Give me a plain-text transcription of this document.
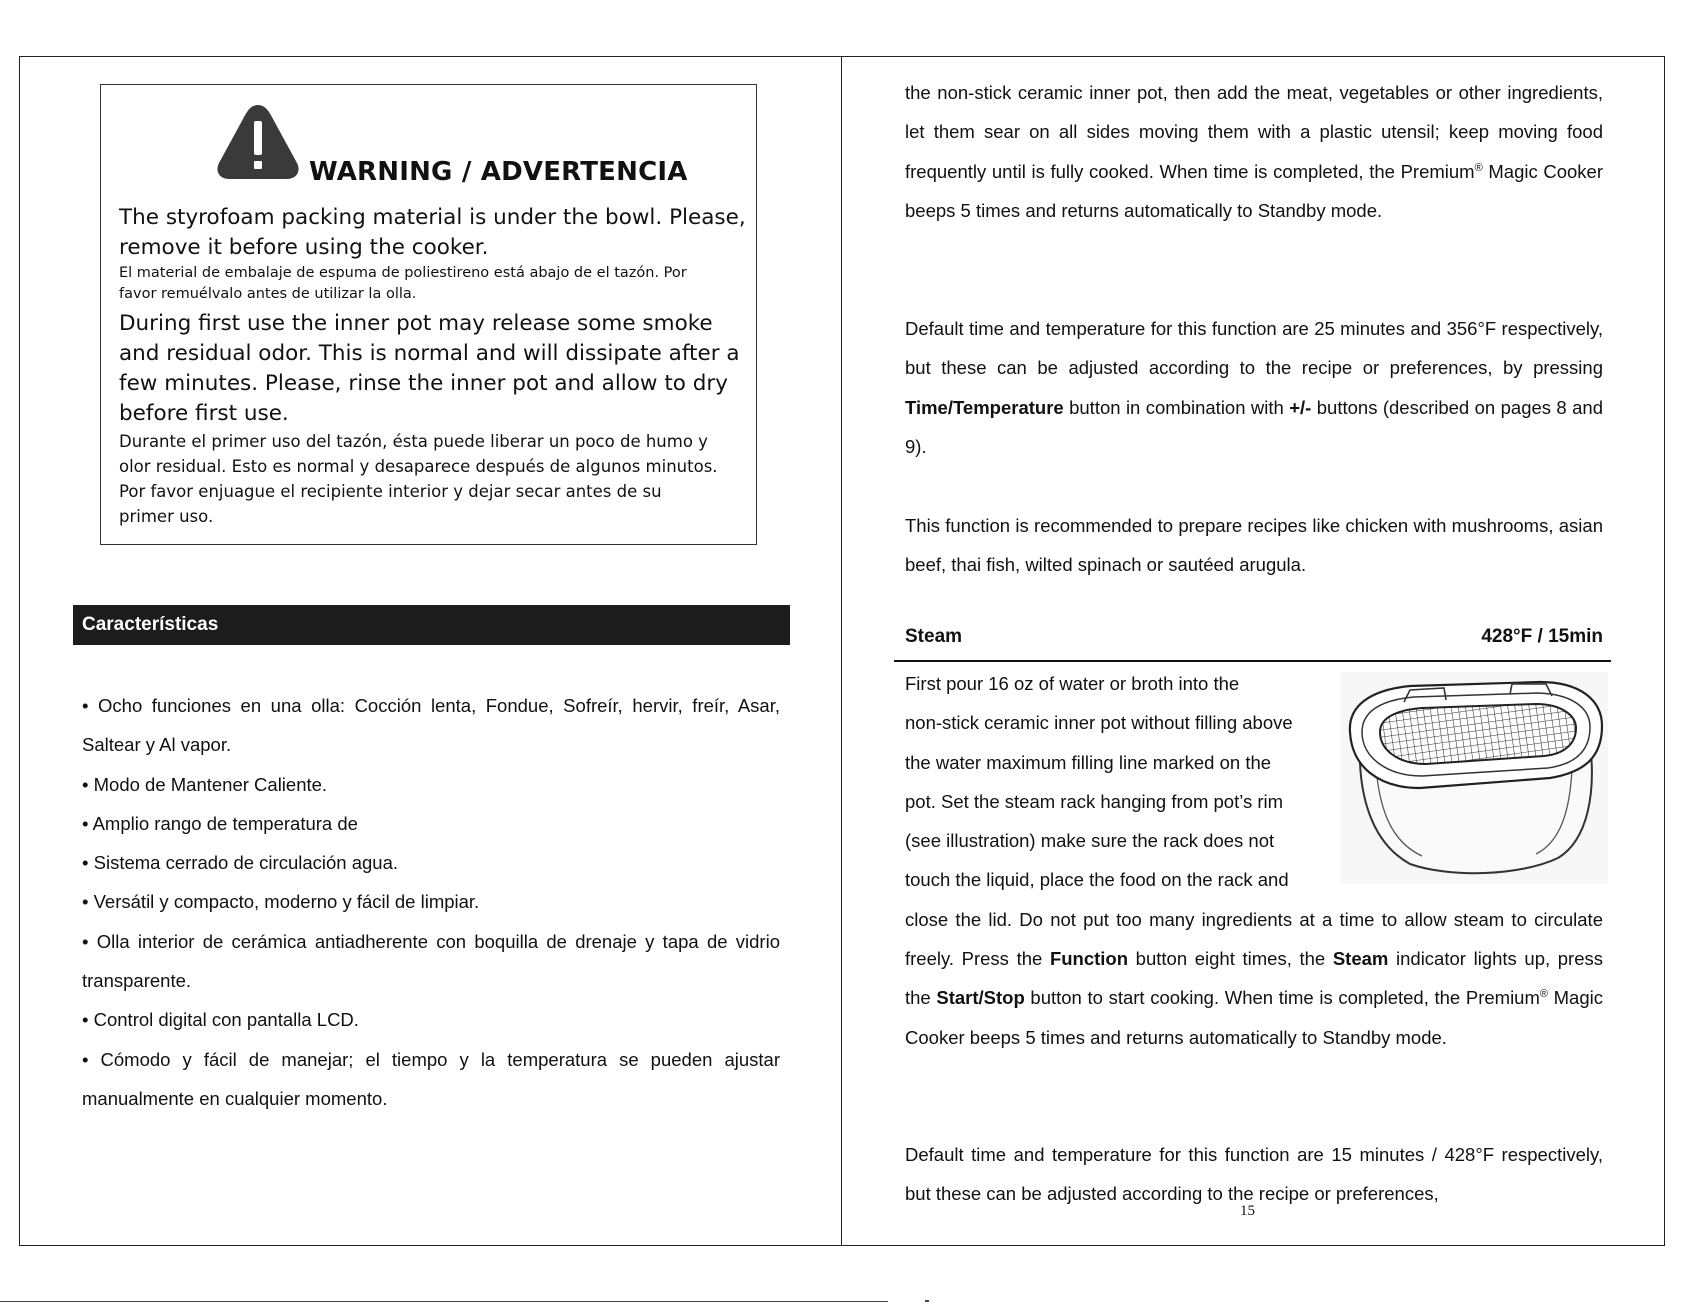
WARNING / ADVERTENCIA

The styrofoam packing material is under the bowl. Please,

remove it before using the cooker.

El material de embalaje de espuma de poliestireno está abajo de el tazón. Por

favor remuélvalo antes de utilizar la olla.

During first use the inner pot may release some smoke

and residual odor. This is normal and will dissipate after a

few minutes. Please, rinse the inner pot and allow to dry

before first use.

Durante el primer uso del tazón, ésta puede liberar un poco de humo y

olor residual. Esto es normal y desaparece después de algunos minutos.

Por favor enjuague el recipiente interior y dejar secar antes de su

primer uso.

Características

• Ocho funciones en una olla: Cocción lenta, Fondue, Sofreír, hervir, freír, Asar, Saltear y Al vapor.

• Modo de Mantener Caliente.

• Amplio rango de temperatura de

• Sistema cerrado de circulación agua.

• Versátil y compacto, moderno y fácil de limpiar.

• Olla interior de cerámica antiadherente con boquilla de drenaje y tapa de vidrio transparente.

• Control digital con pantalla LCD.

• Cómodo y fácil de manejar; el tiempo y la temperatura se pueden ajustar manualmente en cualquier momento.

the non-stick ceramic inner pot, then add the meat, vegetables or other ingredients, let them sear on all sides moving them with a plastic utensil; keep moving food frequently until is fully cooked. When time is completed, the Premium® Magic Cooker beeps 5 times and returns automatically to Standby mode.

Default time and temperature for this function are 25 minutes and 356°F respectively, but these can be adjusted according to the recipe or preferences, by pressing Time/Temperature button in combination with +/- buttons (described on pages 8 and 9).

This function is recommended to prepare recipes like chicken with mushrooms, asian beef, thai fish, wilted spinach or sautéed arugula.

Steam	428°F / 15min

First pour 16 oz of water or broth into the

non-stick ceramic inner pot without filling above

the water maximum filling line marked on the

pot. Set the steam rack hanging from pot’s rim

(see illustration) make sure the rack does not

touch the liquid, place the food on the rack and

close the lid. Do not put too many ingredients at a time to allow steam to circulate freely. Press the Function button eight times, the Steam indicator lights up, press the Start/Stop button to start cooking. When time is completed, the Premium® Magic Cooker beeps 5 times and returns automatically to Standby mode.

Default time and temperature for this function are 15 minutes / 428°F respectively, but these can be adjusted according to the recipe or preferences,

15
